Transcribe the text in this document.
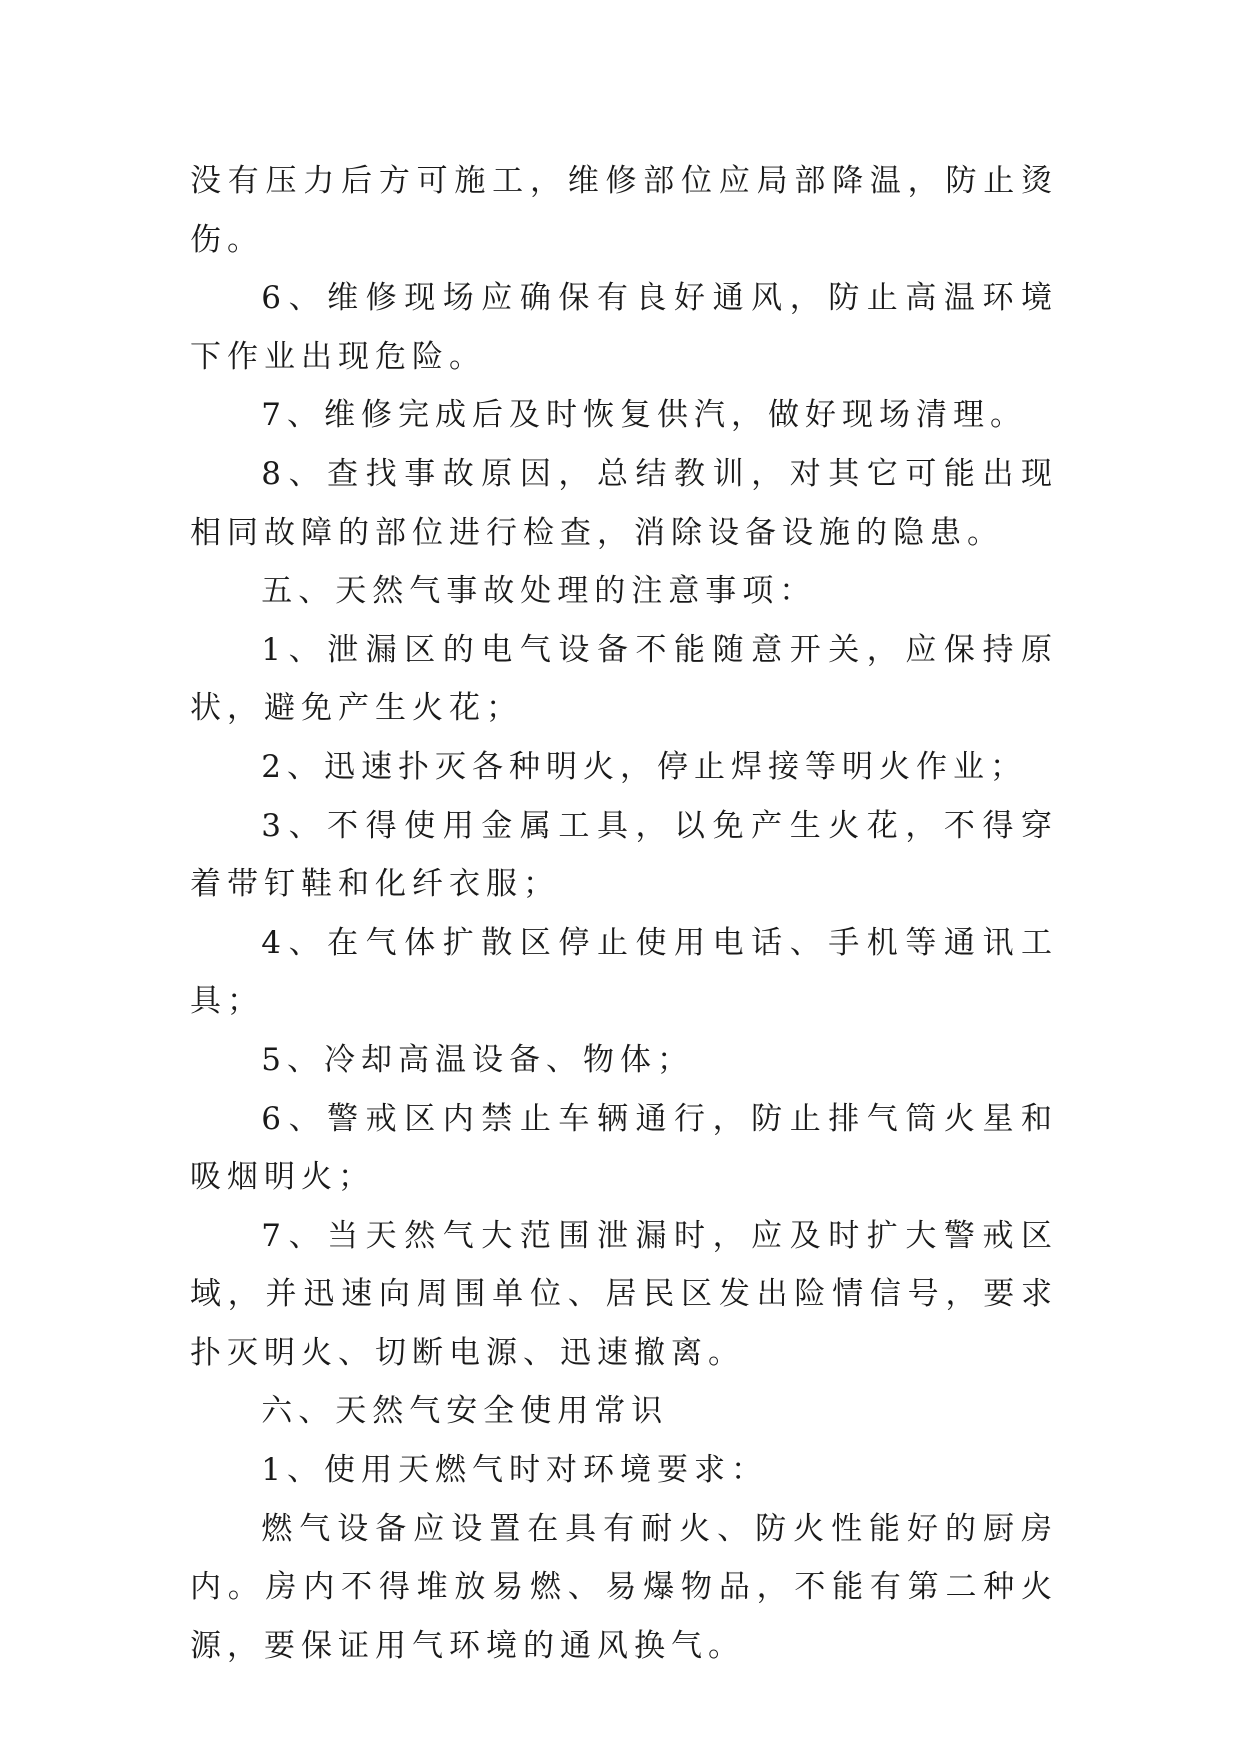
没有压力后方可施工，维修部位应局部降温，防止烫伤。

6、维修现场应确保有良好通风，防止高温环境下作业出现危险。

7、维修完成后及时恢复供汽，做好现场清理。

8、查找事故原因，总结教训，对其它可能出现相同故障的部位进行检查，消除设备设施的隐患。

五、天然气事故处理的注意事项：

1、泄漏区的电气设备不能随意开关，应保持原状，避免产生火花；

2、迅速扑灭各种明火，停止焊接等明火作业；

3、不得使用金属工具，以免产生火花，不得穿着带钉鞋和化纤衣服；

4、在气体扩散区停止使用电话、手机等通讯工具；

5、冷却高温设备、物体；

6、警戒区内禁止车辆通行，防止排气筒火星和吸烟明火；

7、当天然气大范围泄漏时，应及时扩大警戒区域，并迅速向周围单位、居民区发出险情信号，要求扑灭明火、切断电源、迅速撤离。

六、天然气安全使用常识

1、使用天燃气时对环境要求：

燃气设备应设置在具有耐火、防火性能好的厨房内。房内不得堆放易燃、易爆物品，不能有第二种火源，要保证用气环境的通风换气。
